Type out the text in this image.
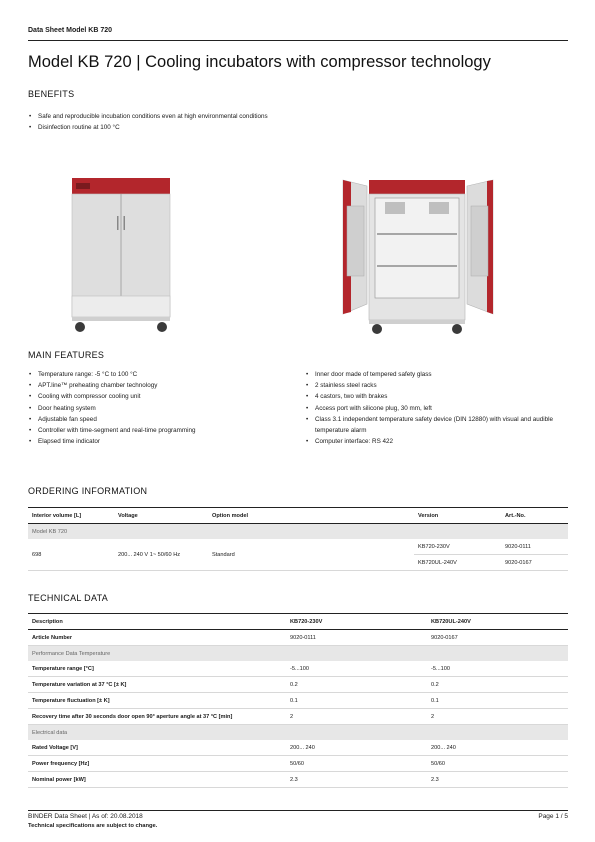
Data Sheet Model KB 720
Model KB 720 | Cooling incubators with compressor technology
BENEFITS
• Safe and reproducible incubation conditions even at high environmental conditions
• Disinfection routine at 100 °C
MAIN FEATURES
• Temperature range: -5 °C to 100 °C
• APT.line™ preheating chamber technology
• Cooling with compressor cooling unit
• Door heating system
• Adjustable fan speed
• Controller with time-segment and real-time programming
• Elapsed time indicator
• Inner door made of tempered safety glass
• 2 stainless steel racks
• 4 castors, two with brakes
• Access port with silicone plug, 30 mm, left
• Class 3.1 independent temperature safety device (DIN 12880) with visual and audible temperature alarm
• Computer interface: RS 422
ORDERING INFORMATION
Interior volume [L]	Voltage	Option model		Version	Art.-No.
Model KB 720					
698	200... 240 V 1~ 50/60 Hz	Standard		KB720-230V	9020-0111
				KB720UL-240V	9020-0167
TECHNICAL DATA
Description	KB720-230V	KB720UL-240V
Article Number	9020-0111	9020-0167
Performance Data Temperature		
Temperature range [°C]	-5...100	-5...100
Temperature variation at 37 °C [± K]	0.2	0.2
Temperature fluctuation [± K]	0.1	0.1
Recovery time after 30 seconds door open 90° aperture angle at 37 °C [min]	2	2
Electrical data		
Rated Voltage [V]	200... 240	200... 240
Power frequency [Hz]	50/60	50/60
Nominal power [kW]	2.3	2.3
BINDER Data Sheet | As of: 20.08.2018
Technical specifications are subject to change.
Page 1 / 5
